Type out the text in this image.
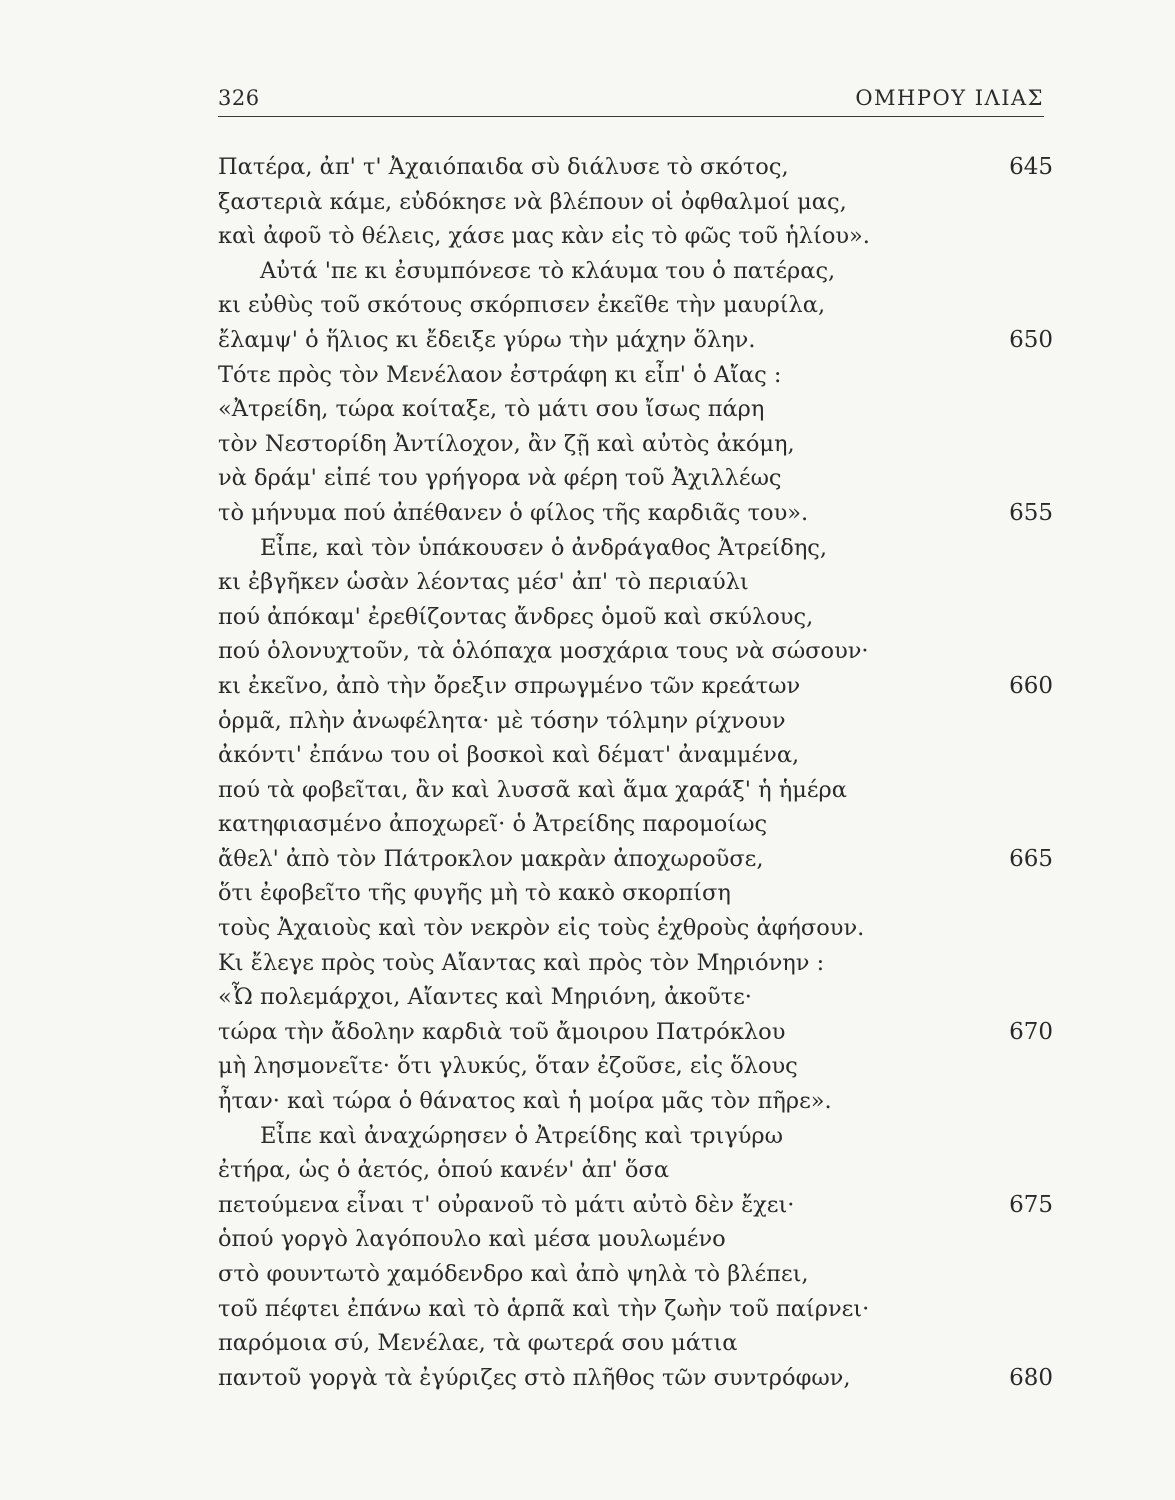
326	ΟΜΗΡΟΥ ΙΛΙΑΣ
Πατέρα, ἀπ' τ' Ἀχαιόπαιδα σὺ διάλυσε τὸ σκότος,	645
ξαστεριὰ κάμε, εὐδόκησε νὰ βλέπουν οἱ ὀφθαλμοί μας,
καὶ ἀφοῦ τὸ θέλεις, χάσε μας κὰν εἰς τὸ φῶς τοῦ ἡλίου».
Αὐτά 'πε κι ἐσυμπόνεσε τὸ κλάυμα του ὁ πατέρας,
κι εὐθὺς τοῦ σκότους σκόρπισεν ἐκεῖθε τὴν μαυρίλα,
ἔλαμψ' ὁ ἥλιος κι ἔδειξε γύρω τὴν μάχην ὅλην.	650
Τότε πρὸς τὸν Μενέλαον ἐστράφη κι εἶπ' ὁ Αἴας :
«Ἀτρείδη, τώρα κοίταξε, τὸ μάτι σου ἴσως πάρη
τὸν Νεστορίδη Ἀντίλοχον, ἂν ζῇ καὶ αὐτὸς ἀκόμη,
νὰ δράμ' εἰπέ του γρήγορα νὰ φέρη τοῦ Ἀχιλλέως
τὸ μήνυμα πού ἀπέθανεν ὁ φίλος τῆς καρδιᾶς του».	655
Εἶπε, καὶ τὸν ὑπάκουσεν ὁ ἀνδράγαθος Ἀτρείδης,
κι ἐβγῆκεν ὡσὰν λέοντας μέσ' ἀπ' τὸ περιαύλι
πού ἀπόκαμ' ἐρεθίζοντας ἄνδρες ὁμοῦ καὶ σκύλους,
πού ὁλονυχτοῦν, τὰ ὁλόπαχα μοσχάρια τους νὰ σώσουν·
κι ἐκεῖνο, ἀπὸ τὴν ὄρεξιν σπρωγμένο τῶν κρεάτων	660
ὁρμᾶ, πλὴν ἀνωφέλητα· μὲ τόσην τόλμην ρίχνουν
ἀκόντι' ἐπάνω του οἱ βοσκοὶ καὶ δέματ' ἀναμμένα,
πού τὰ φοβεῖται, ἂν καὶ λυσσᾶ καὶ ἅμα χαράξ' ἡ ἡμέρα
κατηφιασμένο ἀποχωρεῖ· ὁ Ἀτρείδης παρομοίως
ἄθελ' ἀπὸ τὸν Πάτροκλον μακρὰν ἀποχωροῦσε,	665
ὅτι ἐφοβεῖτο τῆς φυγῆς μὴ τὸ κακὸ σκορπίση
τοὺς Ἀχαιοὺς καὶ τὸν νεκρὸν εἰς τοὺς ἐχθροὺς ἀφήσουν.
Κι ἔλεγε πρὸς τοὺς Αἴαντας καὶ πρὸς τὸν Μηριόνην :
«Ὦ πολεμάρχοι, Αἴαντες καὶ Μηριόνη, ἀκοῦτε·
τώρα τὴν ἄδολην καρδιὰ τοῦ ἄμοιρου Πατρόκλου	670
μὴ λησμονεῖτε· ὅτι γλυκύς, ὅταν ἐζοῦσε, εἰς ὅλους
ἦταν· καὶ τώρα ὁ θάνατος καὶ ἡ μοίρα μᾶς τὸν πῆρε».
Εἶπε καὶ ἀναχώρησεν ὁ Ἀτρείδης καὶ τριγύρω
ἐτήρα, ὡς ὁ ἀετός, ὁπού κανέν' ἀπ' ὅσα
πετούμενα εἶναι τ' οὐρανοῦ τὸ μάτι αὐτὸ δὲν ἔχει·	675
ὁπού γοργὸ λαγόπουλο καὶ μέσα μουλωμένο
στὸ φουντωτὸ χαμόδενδρο καὶ ἀπὸ ψηλὰ τὸ βλέπει,
τοῦ πέφτει ἐπάνω καὶ τὸ ἁρπᾶ καὶ τὴν ζωὴν τοῦ παίρνει·
παρόμοια σύ, Μενέλαε, τὰ φωτερά σου μάτια
παντοῦ γοργὰ τὰ ἐγύριζες στὸ πλῆθος τῶν συντρόφων,	680
